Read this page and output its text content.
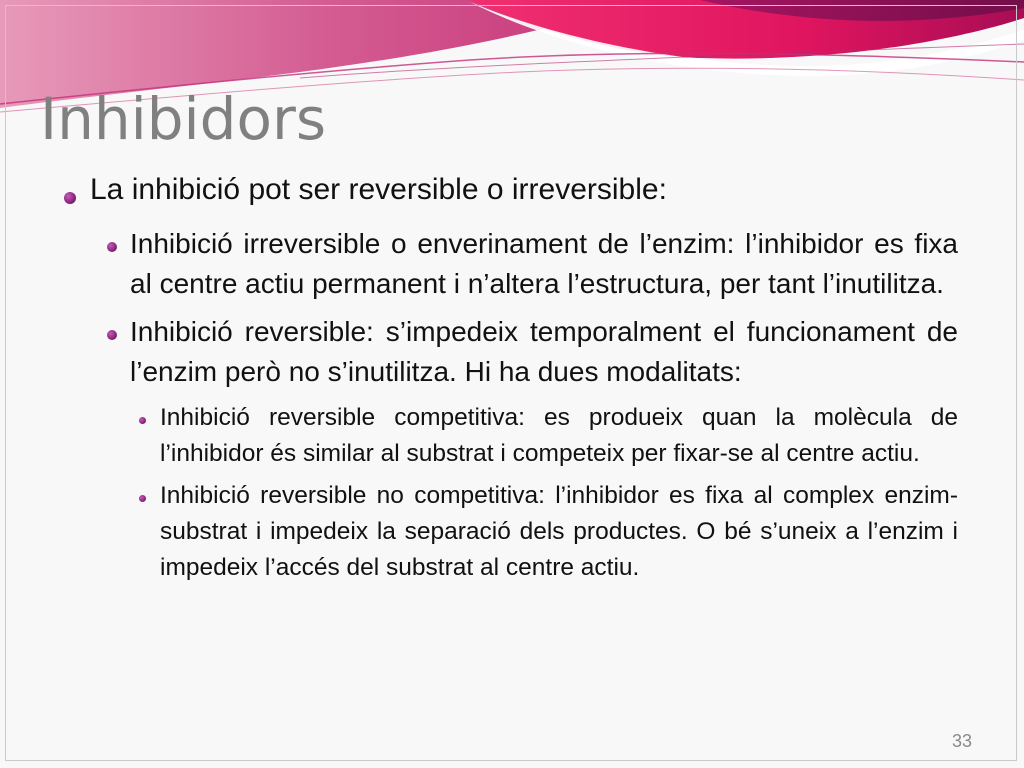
Inhibidors
La inhibició pot ser reversible o irreversible:
Inhibició irreversible o enverinament de l’enzim: l’inhibidor es fixa al centre actiu permanent i n’altera l’estructura, per tant l’inutilitza.
Inhibició reversible: s’impedeix temporalment el funcionament de l’enzim però no s’inutilitza. Hi ha dues modalitats:
Inhibició reversible competitiva: es produeix quan la molècula de l’inhibidor és similar al substrat i competeix per fixar-se al centre actiu.
Inhibició reversible no competitiva: l’inhibidor es fixa al complex enzim-substrat i impedeix la separació dels productes. O bé s’uneix a l’enzim i impedeix l’accés del substrat al centre actiu.
33
